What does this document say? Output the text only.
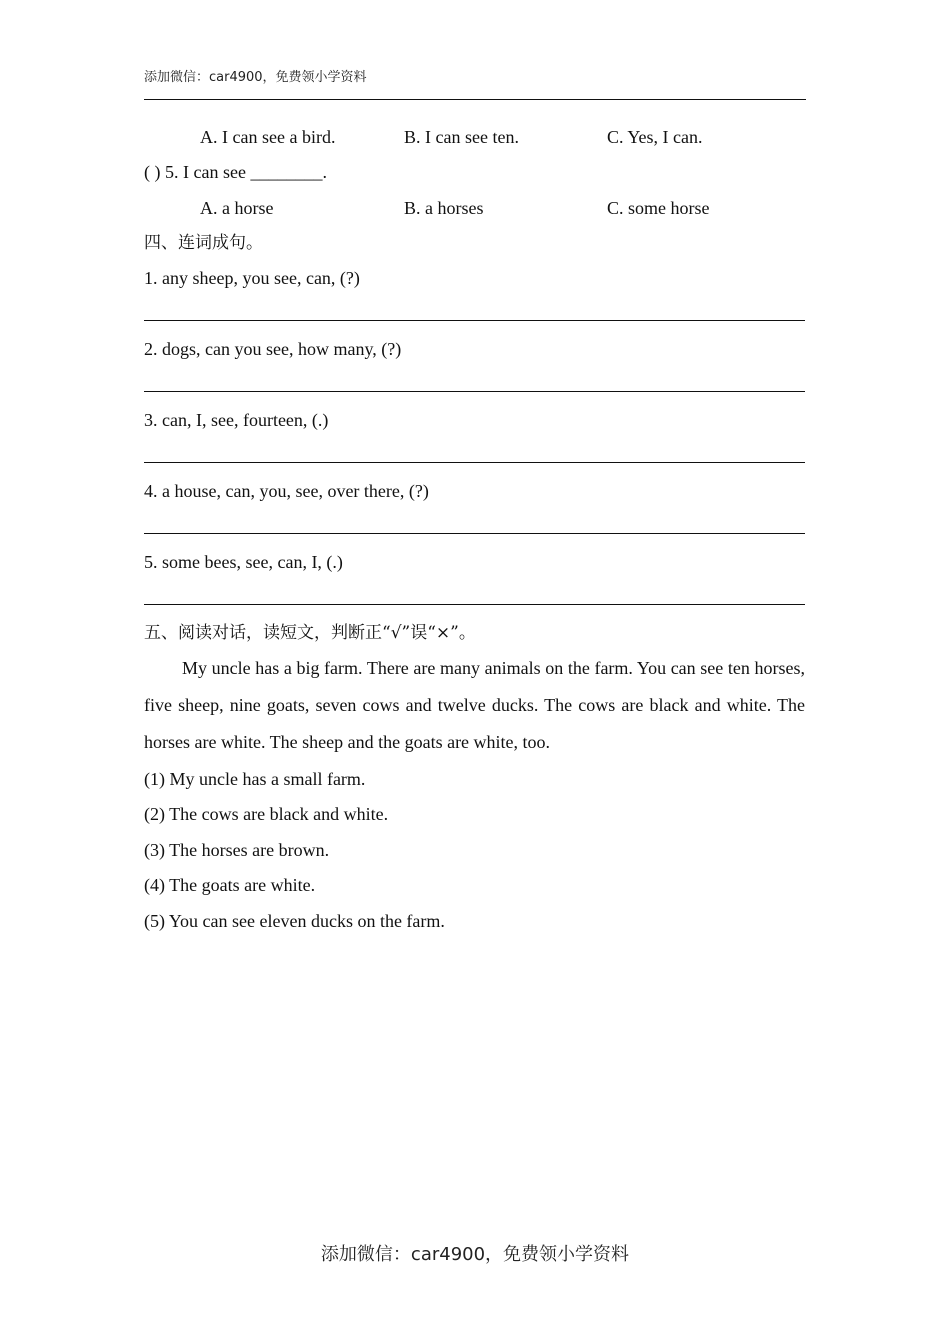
添加微信：car4900，免费领小学资料
A. I can see a bird.	B. I can see ten.	C. Yes, I can.
( ) 5. I can see ________.
A. a horse	B. a horses	C. some horse
四、连词成句。
1. any sheep, you see, can, (?)
2. dogs, can you see, how many, (?)
3. can, I, see, fourteen, (.)
4. a house, can, you, see, over there, (?)
5. some bees, see, can, I, (.)
五、阅读对话，读短文，判断正“√”误“×”。
My uncle has a big farm. There are many animals on the farm. You can see ten horses, five sheep, nine goats, seven cows and twelve ducks. The cows are black and white. The horses are white. The sheep and the goats are white, too.
(1) My uncle has a small farm.
(2) The cows are black and white.
(3) The horses are brown.
(4) The goats are white.
(5) You can see eleven ducks on the farm.
添加微信：car4900，免费领小学资料
